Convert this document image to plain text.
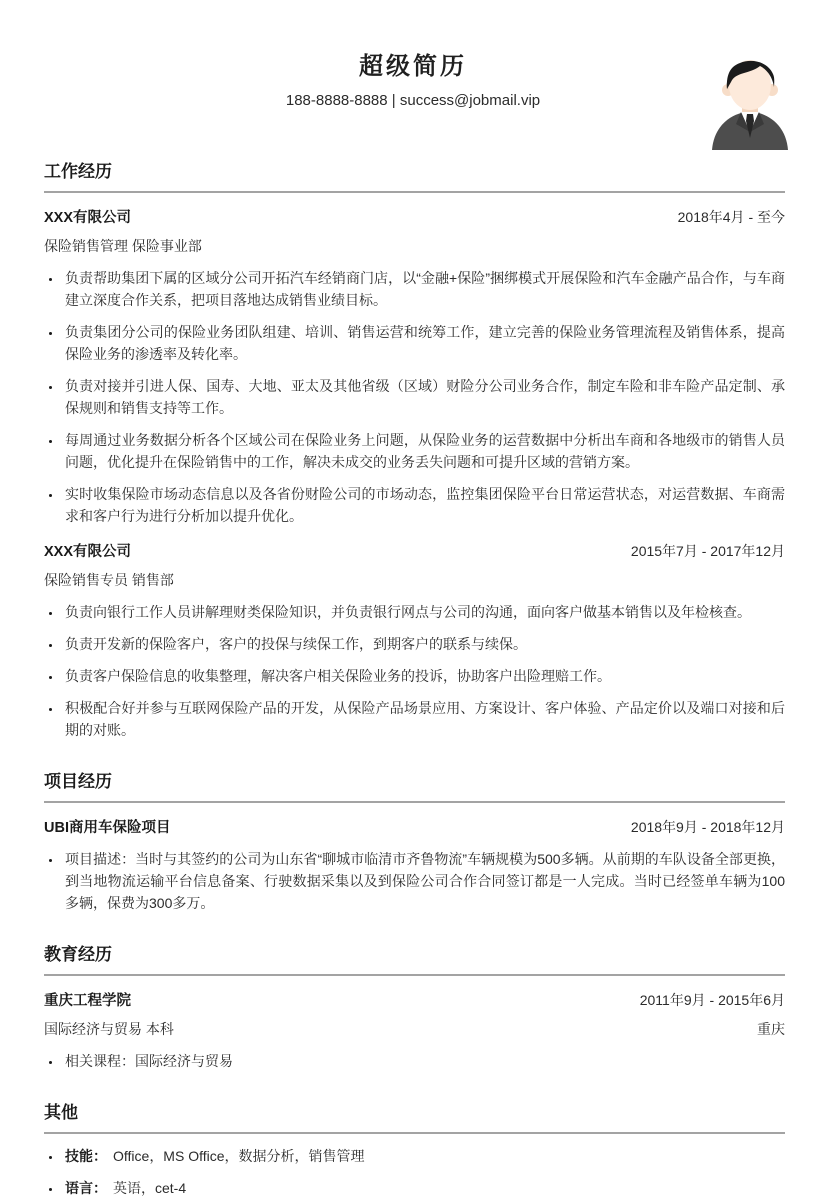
超级简历
188-8888-8888 | success@jobmail.vip
工作经历
XXX有限公司	2018年4月 - 至今
保险销售管理 保险事业部
• 负责帮助集团下属的区域分公司开拓汽车经销商门店，以“金融+保险”捆绑模式开展保险和汽车金融产品合作，与车商建立深度合作关系，把项目落地达成销售业绩目标。
• 负责集团分公司的保险业务团队组建、培训、销售运营和统筹工作，建立完善的保险业务管理流程及销售体系，提高保险业务的渗透率及转化率。
• 负责对接并引进人保、国寿、大地、亚太及其他省级（区域）财险分公司业务合作，制定车险和非车险产品定制、承保规则和销售支持等工作。
• 每周通过业务数据分析各个区域公司在保险业务上问题，从保险业务的运营数据中分析出车商和各地级市的销售人员问题，优化提升在保险销售中的工作，解决未成交的业务丢失问题和可提升区域的营销方案。
• 实时收集保险市场动态信息以及各省份财险公司的市场动态，监控集团保险平台日常运营状态，对运营数据、车商需求和客户行为进行分析加以提升优化。
XXX有限公司	2015年7月 - 2017年12月
保险销售专员 销售部
• 负责向银行工作人员讲解理财类保险知识，并负责银行网点与公司的沟通，面向客户做基本销售以及年检核查。
• 负责开发新的保险客户，客户的投保与续保工作，到期客户的联系与续保。
• 负责客户保险信息的收集整理，解决客户相关保险业务的投诉，协助客户出险理赔工作。
• 积极配合好并参与互联网保险产品的开发，从保险产品场景应用、方案设计、客户体验、产品定价以及端口对接和后期的对账。
项目经历
UBI商用车保险项目	2018年9月 - 2018年12月
• 项目描述：当时与其签约的公司为山东省“聊城市临清市齐鲁物流”车辆规模为500多辆。从前期的车队设备全部更换，到当地物流运输平台信息备案、行驶数据采集以及到保险公司合作合同签订都是一人完成。当时已经签单车辆为100多辆，保费为300多万。
教育经历
重庆工程学院	2011年9月 - 2015年6月
国际经济与贸易 本科	重庆
• 相关课程：国际经济与贸易
其他
• 技能： Office，MS Office，数据分析，销售管理
• 语言： 英语，cet-4
